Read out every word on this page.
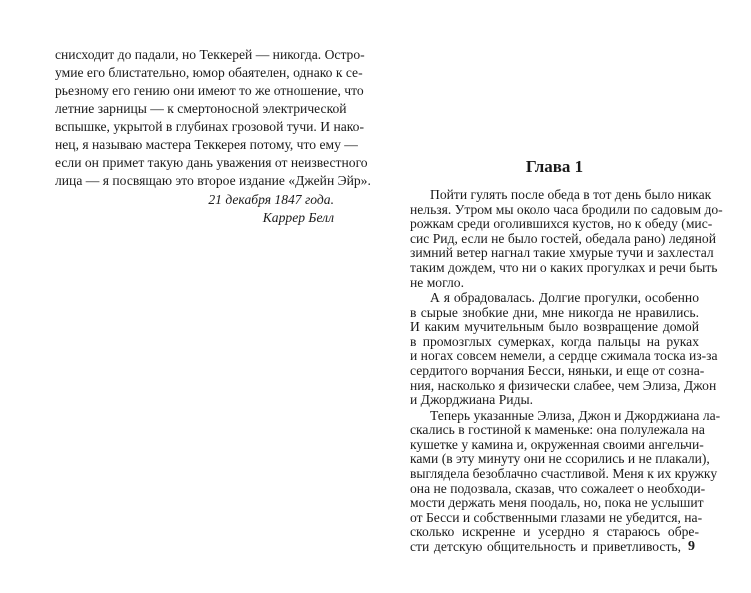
снисходит до падали, но Теккерей — никогда. Остро-
умие его блистательно, юмор обаятелен, однако к се-
рьезному его гению они имеют то же отношение, что
летние зарницы — к смертоносной электрической
вспышке, укрытой в глубинах грозовой тучи. И нако-
нец, я называю мастера Теккерея потому, что ему —
если он примет такую дань уважения от неизвестного
лица — я посвящаю это второе издание «Джейн Эйр».
21 декабря 1847 года.
Каррер Белл
Глава 1
Пойти гулять после обеда в тот день было никак
нельзя. Утром мы около часа бродили по садовым до-
рожкам среди оголившихся кустов, но к обеду (мис-
сис Рид, если не было гостей, обедала рано) ледяной
зимний ветер нагнал такие хмурые тучи и захлестал
таким дождем, что ни о каких прогулках и речи быть
не могло.
А я обрадовалась. Долгие прогулки, особенно
в сырые знобкие дни, мне никогда не нравились.
И каким мучительным было возвращение домой
в промозглых сумерках, когда пальцы на руках
и ногах совсем немели, а сердце сжимала тоска из-за
сердитого ворчания Бесси, няньки, и еще от созна-
ния, насколько я физически слабее, чем Элиза, Джон
и Джорджиана Риды.
Теперь указанные Элиза, Джон и Джорджиана ла-
скались в гостиной к маменьке: она полулежала на
кушетке у камина и, окруженная своими ангельчи-
ками (в эту минуту они не ссорились и не плакали),
выглядела безоблачно счастливой. Меня к их кружку
она не подозвала, сказав, что сожалеет о необходи-
мости держать меня поодаль, но, пока не услышит
от Бесси и собственными глазами не убедится, на-
сколько искренне и усердно я стараюсь обре-
сти детскую общительность и приветливость, 9
